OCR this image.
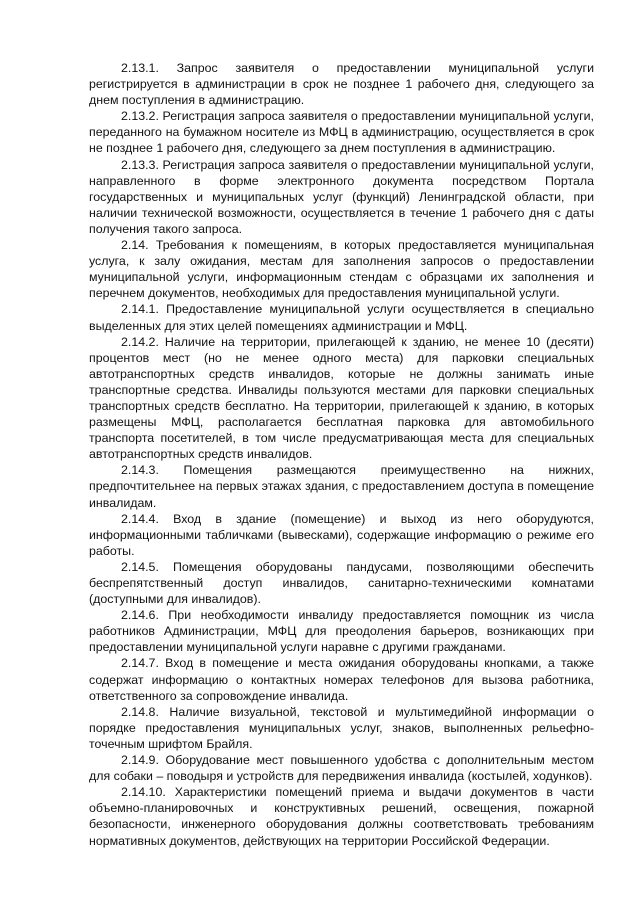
2.13.1. Запрос заявителя о предоставлении муниципальной услуги регистрируется в администрации в срок не позднее 1 рабочего дня, следующего за днем поступления в администрацию.

2.13.2. Регистрация запроса заявителя о предоставлении муниципальной услуги, переданного на бумажном носителе из МФЦ в администрацию, осуществляется в срок не позднее 1 рабочего дня, следующего за днем поступления в администрацию.

2.13.3. Регистрация запроса заявителя о предоставлении муниципальной услуги, направленного в форме электронного документа посредством Портала государственных и муниципальных услуг (функций) Ленинградской области, при наличии технической возможности, осуществляется в течение 1 рабочего дня с даты получения такого запроса.

2.14. Требования к помещениям, в которых предоставляется муниципальная услуга, к залу ожидания, местам для заполнения запросов о предоставлении муниципальной услуги, информационным стендам с образцами их заполнения и перечнем документов, необходимых для предоставления муниципальной услуги.

2.14.1. Предоставление муниципальной услуги осуществляется в специально выделенных для этих целей помещениях администрации и МФЦ.

2.14.2. Наличие на территории, прилегающей к зданию, не менее 10 (десяти) процентов мест (но не менее одного места) для парковки специальных автотранспортных средств инвалидов, которые не должны занимать иные транспортные средства. Инвалиды пользуются местами для парковки специальных транспортных средств бесплатно. На территории, прилегающей к зданию, в которых размещены МФЦ, располагается бесплатная парковка для автомобильного транспорта посетителей, в том числе предусматривающая места для специальных автотранспортных средств инвалидов.

2.14.3. Помещения размещаются преимущественно на нижних, предпочтительнее на первых этажах здания, с предоставлением доступа в помещение инвалидам.

2.14.4. Вход в здание (помещение) и выход из него оборудуются, информационными табличками (вывесками), содержащие информацию о режиме его работы.

2.14.5. Помещения оборудованы пандусами, позволяющими обеспечить беспрепятственный доступ инвалидов, санитарно-техническими комнатами (доступными для инвалидов).

2.14.6. При необходимости инвалиду предоставляется помощник из числа работников Администрации, МФЦ для преодоления барьеров, возникающих при предоставлении муниципальной услуги наравне с другими гражданами.

2.14.7. Вход в помещение и места ожидания оборудованы кнопками, а также содержат информацию о контактных номерах телефонов для вызова работника, ответственного за сопровождение инвалида.

2.14.8. Наличие визуальной, текстовой и мультимедийной информации о порядке предоставления муниципальных услуг, знаков, выполненных рельефно-точечным шрифтом Брайля.

2.14.9. Оборудование мест повышенного удобства с дополнительным местом для собаки – поводыря и устройств для передвижения инвалида (костылей, ходунков).

2.14.10. Характеристики помещений приема и выдачи документов в части объемно-планировочных и конструктивных решений, освещения, пожарной безопасности, инженерного оборудования должны соответствовать требованиям нормативных документов, действующих на территории Российской Федерации.
